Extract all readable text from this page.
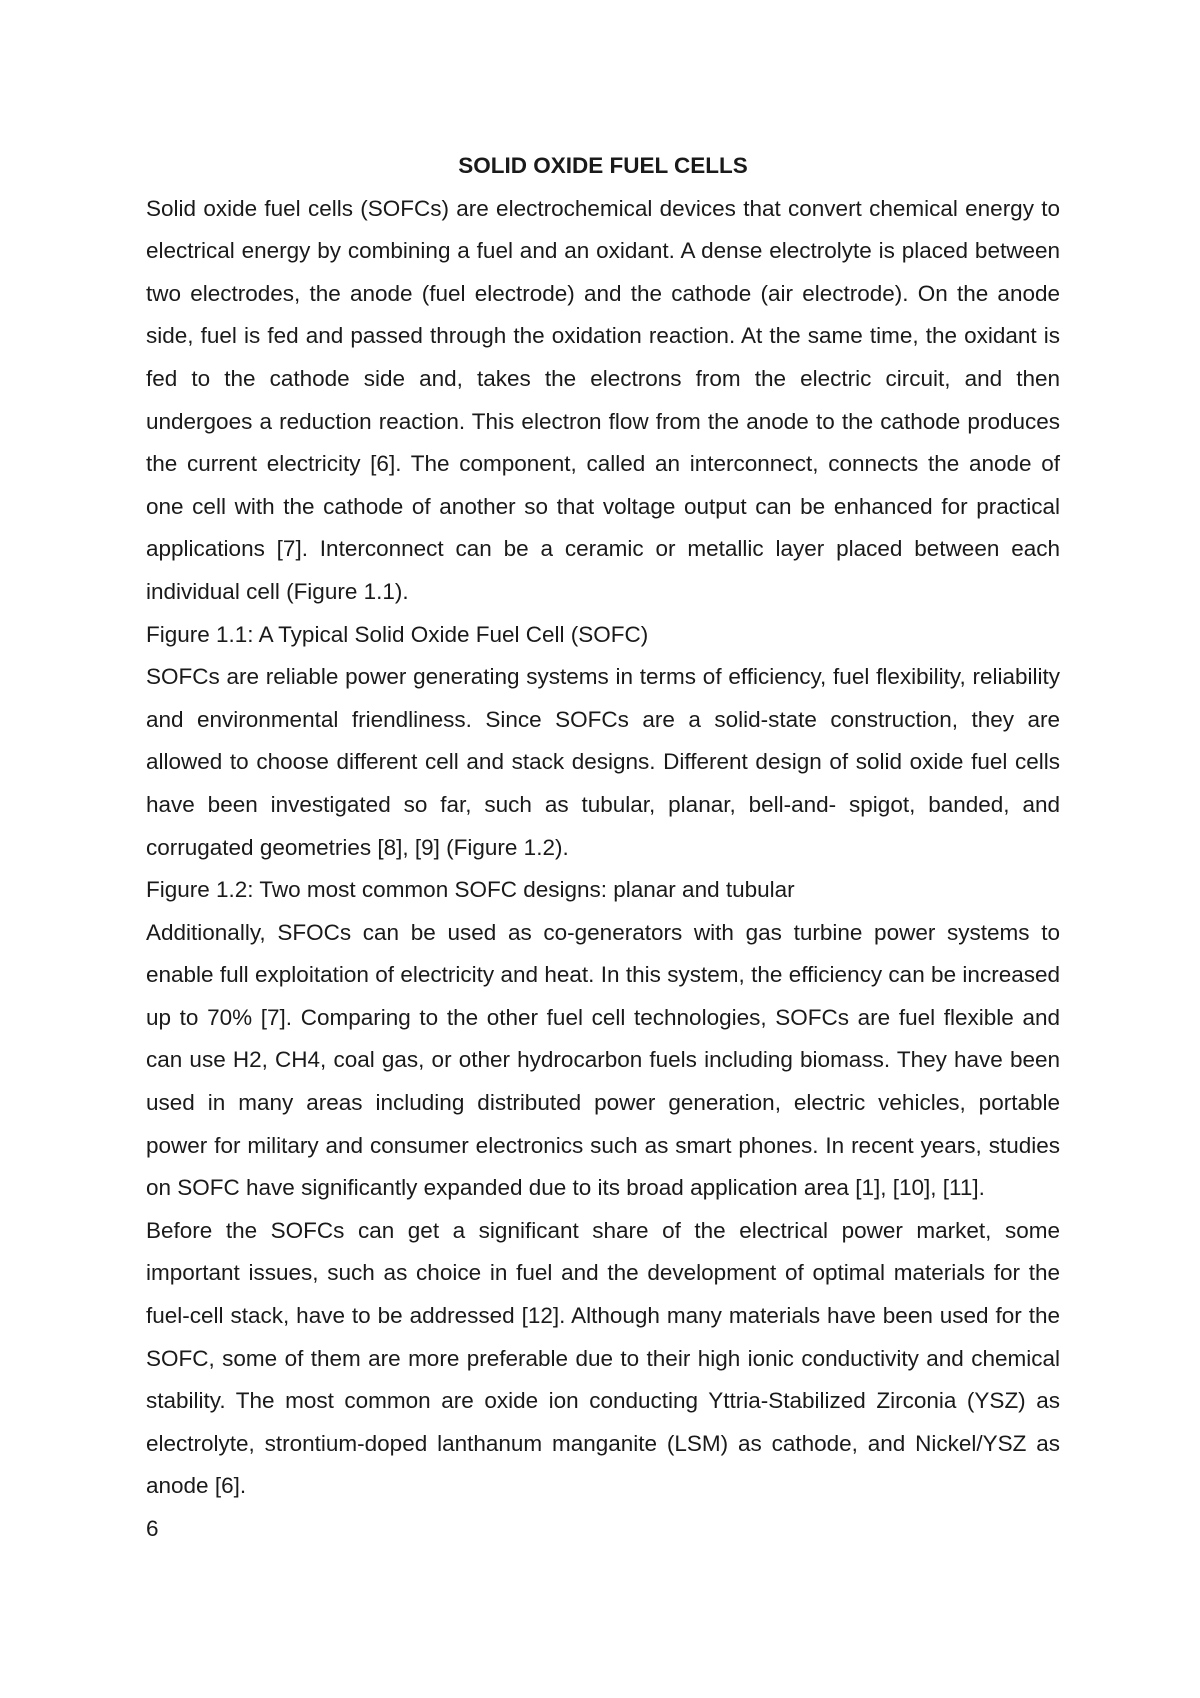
SOLID OXIDE FUEL CELLS

Solid oxide fuel cells (SOFCs) are electrochemical devices that convert chemical energy to electrical energy by combining a fuel and an oxidant. A dense electrolyte is placed between two electrodes, the anode (fuel electrode) and the cathode (air electrode). On the anode side, fuel is fed and passed through the oxidation reaction. At the same time, the oxidant is fed to the cathode side and, takes the electrons from the electric circuit, and then undergoes a reduction reaction. This electron flow from the anode to the cathode produces the current electricity [6]. The component, called an interconnect, connects the anode of one cell with the cathode of another so that voltage output can be enhanced for practical applications [7]. Interconnect can be a ceramic or metallic layer placed between each individual cell (Figure 1.1).

Figure 1.1: A Typical Solid Oxide Fuel Cell (SOFC)

SOFCs are reliable power generating systems in terms of efficiency, fuel flexibility, reliability and environmental friendliness. Since SOFCs are a solid-state construction, they are allowed to choose different cell and stack designs. Different design of solid oxide fuel cells have been investigated so far, such as tubular, planar, bell-and- spigot, banded, and corrugated geometries [8], [9] (Figure 1.2).

Figure 1.2: Two most common SOFC designs: planar and tubular

Additionally, SFOCs can be used as co-generators with gas turbine power systems to enable full exploitation of electricity and heat. In this system, the efficiency can be increased up to 70% [7]. Comparing to the other fuel cell technologies, SOFCs are fuel flexible and can use H2, CH4, coal gas, or other hydrocarbon fuels including biomass. They have been used in many areas including distributed power generation, electric vehicles, portable power for military and consumer electronics such as smart phones. In recent years, studies on SOFC have significantly expanded due to its broad application area [1], [10], [11].

Before the SOFCs can get a significant share of the electrical power market, some important issues, such as choice in fuel and the development of optimal materials for the fuel-cell stack, have to be addressed [12]. Although many materials have been used for the SOFC, some of them are more preferable due to their high ionic conductivity and chemical stability. The most common are oxide ion conducting Yttria-Stabilized Zirconia (YSZ) as electrolyte, strontium-doped lanthanum manganite (LSM) as cathode, and Nickel/YSZ as anode [6].

6
